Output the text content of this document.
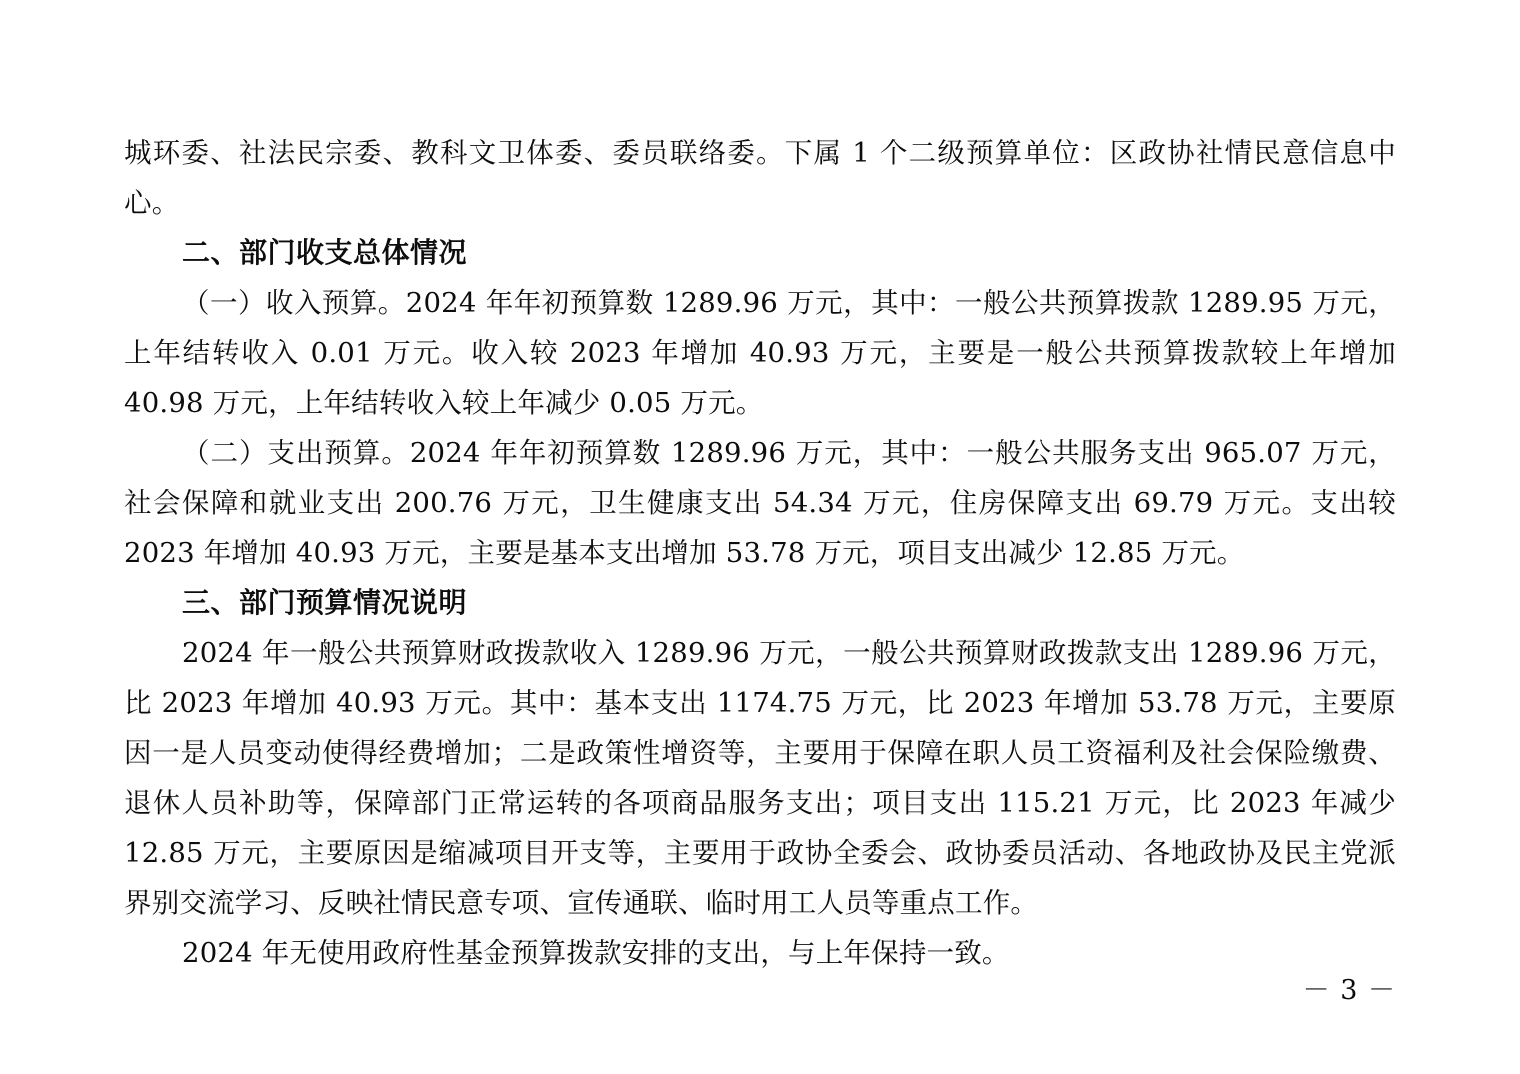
城环委、社法民宗委、教科文卫体委、委员联络委。下属 1 个二级预算单位：区政协社情民意信息中心。

二、部门收支总体情况

（一）收入预算。2024 年年初预算数 1289.96 万元，其中：一般公共预算拨款 1289.95 万元，上年结转收入 0.01 万元。收入较 2023 年增加 40.93 万元，主要是一般公共预算拨款较上年增加 40.98 万元，上年结转收入较上年减少 0.05 万元。

（二）支出预算。2024 年年初预算数 1289.96 万元，其中：一般公共服务支出 965.07 万元，社会保障和就业支出 200.76 万元，卫生健康支出 54.34 万元，住房保障支出 69.79 万元。支出较 2023 年增加 40.93 万元，主要是基本支出增加 53.78 万元，项目支出减少 12.85 万元。

三、部门预算情况说明

2024 年一般公共预算财政拨款收入 1289.96 万元，一般公共预算财政拨款支出 1289.96 万元，比 2023 年增加 40.93 万元。其中：基本支出 1174.75 万元，比 2023 年增加 53.78 万元，主要原因一是人员变动使得经费增加；二是政策性增资等，主要用于保障在职人员工资福利及社会保险缴费、退休人员补助等，保障部门正常运转的各项商品服务支出；项目支出 115.21 万元，比 2023 年减少 12.85 万元，主要原因是缩减项目开支等，主要用于政协全委会、政协委员活动、各地政协及民主党派界别交流学习、反映社情民意专项、宣传通联、临时用工人员等重点工作。

2024 年无使用政府性基金预算拨款安排的支出，与上年保持一致。

－ 3 －
